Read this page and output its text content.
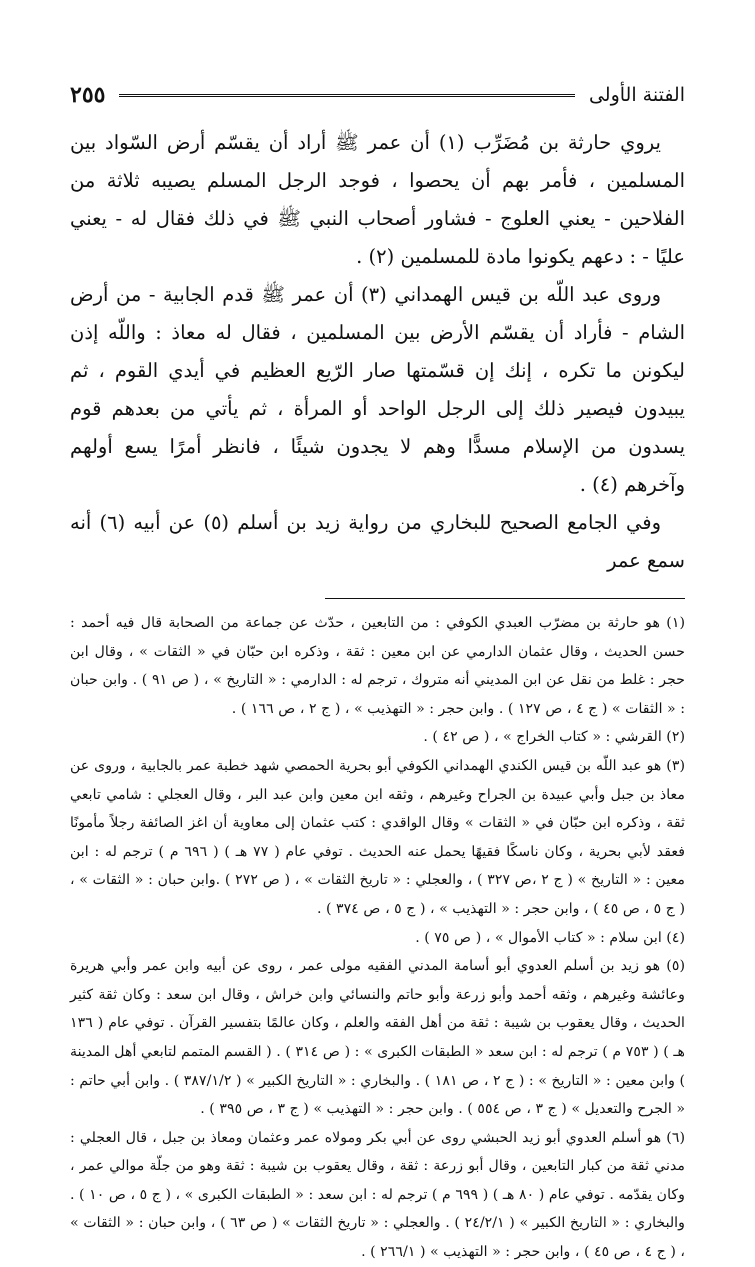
الفتنة الأولى
٢٥٥

يروي حارثة بن مُضَرِّب (١) أن عمر ﷺ أراد أن يقسّم أرض السّواد بين المسلمين ، فأمر بهم أن يحصوا ، فوجد الرجل المسلم يصيبه ثلاثة من الفلاحين - يعني العلوج - فشاور أصحاب النبي ﷺ في ذلك فقال له - يعني عليًا - : دعهم يكونوا مادة للمسلمين (٢) .

وروى عبد اللّه بن قيس الهمداني (٣) أن عمر ﷺ قدم الجابية - من أرض الشام - فأراد أن يقسّم الأرض بين المسلمين ، فقال له معاذ : واللّه إذن ليكونن ما تكره ، إنك إن قسّمتها صار الرّيع العظيم في أيدي القوم ، ثم يبيدون فيصير ذلك إلى الرجل الواحد أو المرأة ، ثم يأتي من بعدهم قوم يسدون من الإسلام مسدًّا وهم لا يجدون شيئًا ، فانظر أمرًا يسع أولهم وآخرهم (٤) .

وفي الجامع الصحيح للبخاري من رواية زيد بن أسلم (٥) عن أبيه (٦) أنه سمع عمر

(١) هو حارثة بن مضرّب العبدي الكوفي : من التابعين ، حدّث عن جماعة من الصحابة قال فيه أحمد : حسن الحديث ، وقال عثمان الدارمي عن ابن معين : ثقة ، وذكره ابن حبّان في « الثقات » ، وقال ابن حجر : غلط من نقل عن ابن المديني أنه متروك ، ترجم له : الدارمي : « التاريخ » ، ( ص ٩١ ) . وابن حبان : « الثقات » ( ج ٤ ، ص ١٢٧ ) . وابن حجر : « التهذيب » ، ( ج ٢ ، ص ١٦٦ ) .

(٢) القرشي : « كتاب الخراج » ، ( ص ٤٢ ) .

(٣) هو عبد اللّه بن قيس الكندي الهمداني الكوفي أبو بحرية الحمصي شهد خطبة عمر بالجابية ، وروى عن معاذ بن جبل وأبي عبيدة بن الجراح وغيرهم ، وثقه ابن معين وابن عبد البر ، وقال العجلي : شامي تابعي ثقة ، وذكره ابن حبّان في « الثقات » وقال الواقدي : كتب عثمان إلى معاوية أن اغز الصائفة رجلاً مأمونًا فعقد لأبي بحرية ، وكان ناسكًا فقيهًا يحمل عنه الحديث . توفي عام ( ٧٧ هـ ) ( ٦٩٦ م ) ترجم له : ابن معين : « التاريخ » ( ج ٢ ،ص ٣٢٧ ) ، والعجلي : « تاريخ الثقات » ، ( ص ٢٧٢ ) .وابن حبان : « الثقات » ، ( ج ٥ ، ص ٤٥ ) ، وابن حجر : « التهذيب » ، ( ج ٥ ، ص ٣٧٤ ) .

(٤) ابن سلام : « كتاب الأموال » ، ( ص ٧٥ ) .

(٥) هو زيد بن أسلم العدوي أبو أسامة المدني الفقيه مولى عمر ، روى عن أبيه وابن عمر وأبي هريرة وعائشة وغيرهم ، وثقه أحمد وأبو زرعة وأبو حاتم والنسائي وابن خراش ، وقال ابن سعد : وكان ثقة كثير الحديث ، وقال يعقوب بن شيبة : ثقة من أهل الفقه والعلم ، وكان عالمًا بتفسير القرآن . توفي عام ( ١٣٦ هـ ) ( ٧٥٣ م ) ترجم له : ابن سعد « الطبقات الكبرى » : ( ص ٣١٤ ) . ( القسم المتمم لتابعي أهل المدينة ) وابن معين : « التاريخ » : ( ج ٢ ، ص ١٨١ ) . والبخاري : « التاريخ الكبير » ( ٣٨٧/١/٢ ) . وابن أبي حاتم : « الجرح والتعديل » ( ج ٣ ، ص ٥٥٤ ) . وابن حجر : « التهذيب » ( ج ٣ ، ص ٣٩٥ ) .

(٦) هو أسلم العدوي أبو زيد الحبشي روى عن أبي بكر ومولاه عمر وعثمان ومعاذ بن جبل ، قال العجلي : مدني ثقة من كبار التابعين ، وقال أبو زرعة : ثقة ، وقال يعقوب بن شيبة : ثقة وهو من جلّة موالي عمر ، وكان يقدّمه . توفي عام ( ٨٠ هـ ) ( ٦٩٩ م ) ترجم له : ابن سعد : « الطبقات الكبرى » ، ( ج ٥ ، ص ١٠ ) . والبخاري : « التاريخ الكبير » ( ٢٤/٢/١ ) . والعجلي : « تاريخ الثقات » ( ص ٦٣ ) ، وابن حبان : « الثقات » ، ( ج ٤ ، ص ٤٥ ) ، وابن حجر : « التهذيب » ( ٢٦٦/١ ) .
